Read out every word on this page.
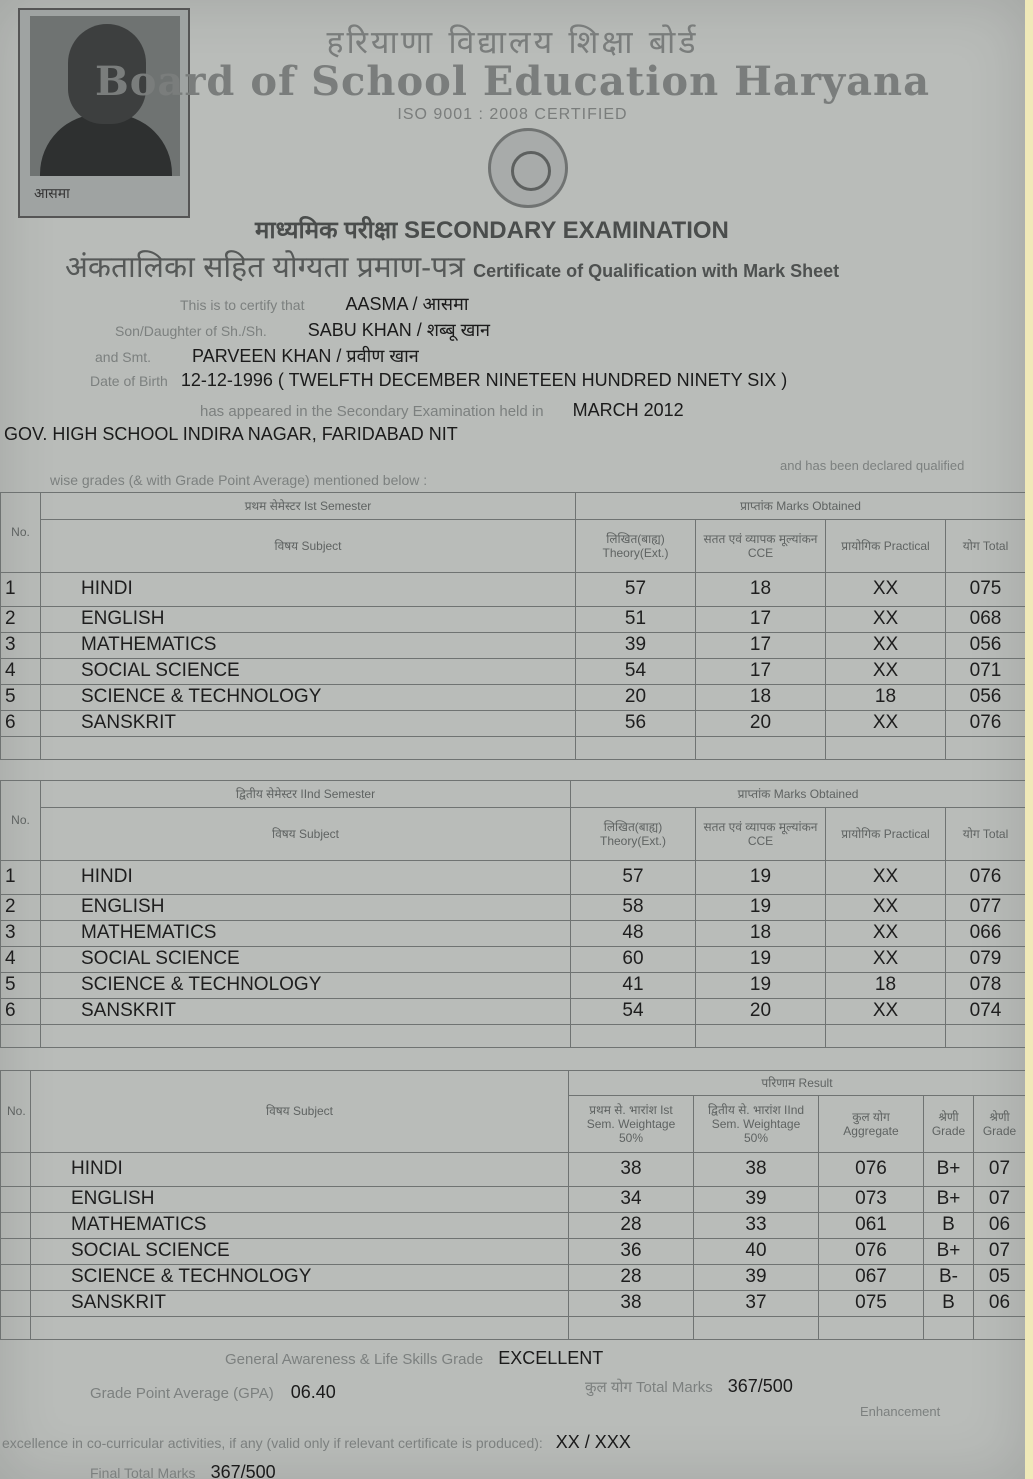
आसमा
हरियाणा विद्यालय शिक्षा बोर्ड
Board of School Education Haryana
ISO 9001 : 2008 CERTIFIED
माध्यमिक परीक्षा SECONDARY EXAMINATION
अंकतालिका सहित योग्यता प्रमाण-पत्र Certificate of Qualification with Mark Sheet
This is to certify that AASMA / आसमा
Son/Daughter of Sh./Sh. SABU KHAN / शब्बू खान
and Smt. PARVEEN KHAN / प्रवीण खान
Date of Birth 12-12-1996 ( TWELFTH DECEMBER NINETEEN HUNDRED NINETY SIX )
has appeared in the Secondary Examination held in MARCH 2012
GOV. HIGH SCHOOL INDIRA NAGAR, FARIDABAD NIT
and has been declared qualified
wise grades (& with Grade Point Average) mentioned below :
No.	प्रथम सेमेस्टर Ist Semester	प्राप्तांक Marks Obtained			
	विषय Subject	लिखित(बाह्य) Theory(Ext.)	सतत एवं व्यापक मूल्यांकन CCE	प्रायोगिक Practical	योग Total
1	HINDI	57	18	XX	075
2	ENGLISH	51	17	XX	068
3	MATHEMATICS	39	17	XX	056
4	SOCIAL SCIENCE	54	17	XX	071
5	SCIENCE & TECHNOLOGY	20	18	18	056
6	SANSKRIT	56	20	XX	076

No.	द्वितीय सेमेस्टर IInd Semester	प्राप्तांक Marks Obtained			
	विषय Subject	लिखित(बाह्य) Theory(Ext.)	सतत एवं व्यापक मूल्यांकन CCE	प्रायोगिक Practical	योग Total
1	HINDI	57	19	XX	076
2	ENGLISH	58	19	XX	077
3	MATHEMATICS	48	18	XX	066
4	SOCIAL SCIENCE	60	19	XX	079
5	SCIENCE & TECHNOLOGY	41	19	18	078
6	SANSKRIT	54	20	XX	074

No.	विषय Subject	परिणाम Result				
		प्रथम से. भारांश Ist Sem. Weightage 50%	द्वितीय से. भारांश IInd Sem. Weightage 50%	कुल योग Aggregate	श्रेणी Grade	श्रेणी Grade
	HINDI	38	38	076	B+	07
	ENGLISH	34	39	073	B+	07
	MATHEMATICS	28	33	061	B	06
	SOCIAL SCIENCE	36	40	076	B+	07
	SCIENCE & TECHNOLOGY	28	39	067	B-	05
	SANSKRIT	38	37	075	B	06

General Awareness & Life Skills Grade EXCELLENT
Grade Point Average (GPA) 06.40	कुल योग Total Marks 367/500
Enhancement
excellence in co-curricular activities, if any (valid only if relevant certificate is produced): XX / XXX
Final Total Marks 367/500
